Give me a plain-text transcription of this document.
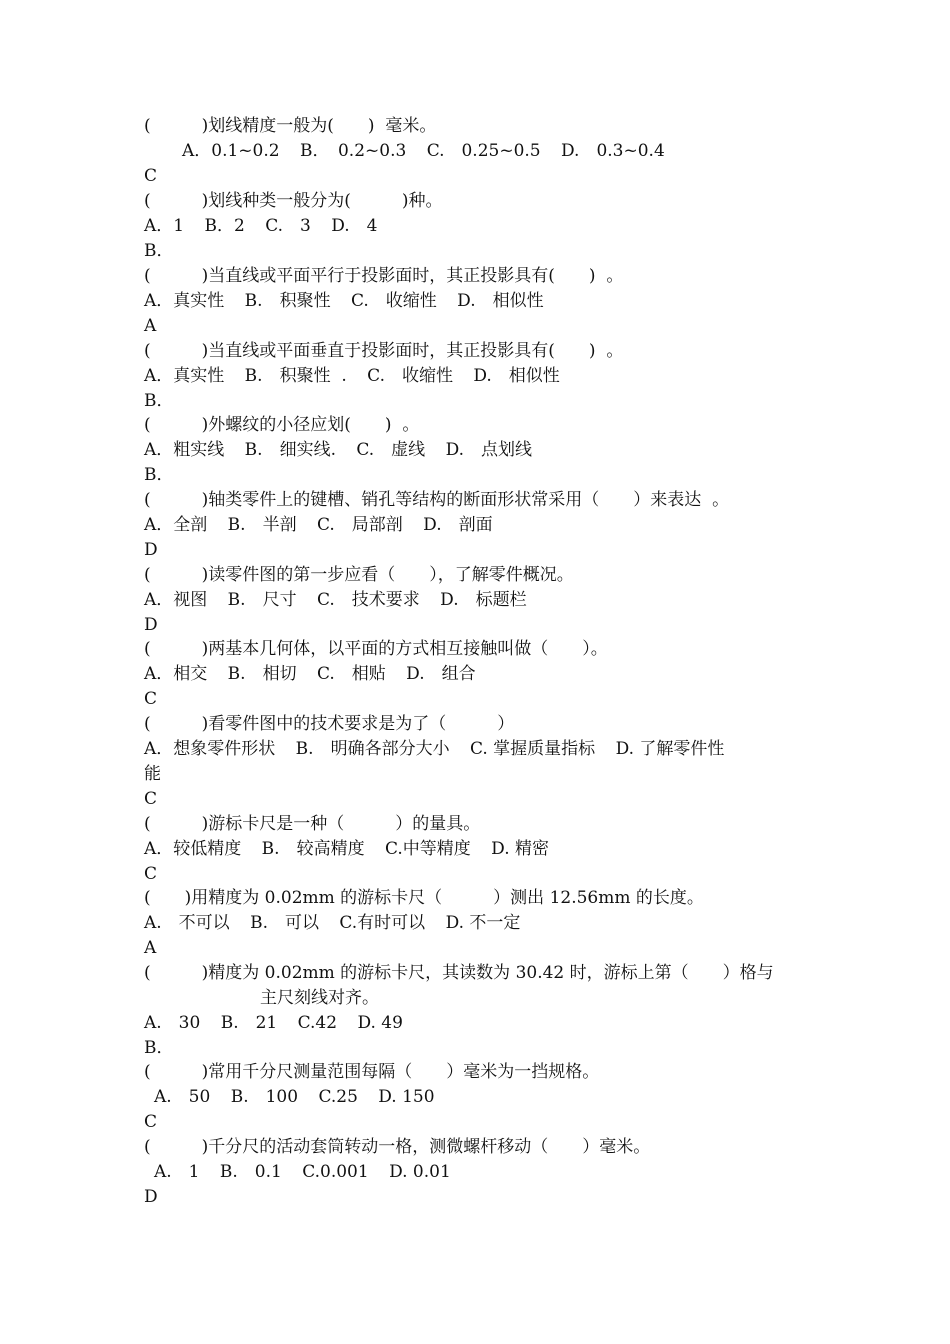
(　　　)划线精度一般为(　　)  毫米。
A．0.1~0.2 B．　0.2~0.3 C.　0.25~0.5 D.　0.3~0.4
C
(　　　)划线种类一般分为(　　　)种。
A．1 B．2 C.　3 D.　4
B．
(　　　)当直线或平面平行于投影面时，其正投影具有(　　)  。
A．真实性 B.　积聚性 C.　收缩性 D.　相似性
A
(　　　)当直线或平面垂直于投影面时，其正投影具有(　　)  。
A．真实性 B.　积聚性  . C.　收缩性 D.　相似性
B．
(　　　)外螺纹的小径应划(　　)  。
A．粗实线 B.　细实线. C.　虚线 D.　点划线
B．
(　　　)轴类零件上的键槽、销孔等结构的断面形状常采用（　　）来表达  。
A．全剖 B.　半剖 C.　局部剖 D.　剖面
D
(　　　)读零件图的第一步应看（　　），了解零件概况。
A．视图 B.　尺寸 C.　技术要求 D.　标题栏
D
(　　　)两基本几何体，以平面的方式相互接触叫做（　　）。
A．相交 B.　相切 C.　相贴 D.　组合
C
(　　　)看零件图中的技术要求是为了（　　　）
A．想象零件形状 B.　明确各部分大小 C. 掌握质量指标 D. 了解零件性
能
C
(　　　)游标卡尺是一种（　　　）的量具。
A．较低精度 B.　较高精度 C.中等精度 D. 精密
C
(　　)用精度为 0.02mm 的游标卡尺（　　　）测出 12.56mm 的长度。
A.　不可以 B.　可以 C.有时可以 D. 不一定
A
(　　　)精度为 0.02mm 的游标卡尺，其读数为 30.42 时，游标上第（　　）格与
主尺刻线对齐。
A.　30 B.　21 C.42 D. 49
B．
(　　　)常用千分尺测量范围每隔（　　）毫米为一挡规格。
A.　50 B.　100 C.25 D. 150
C
(　　　)千分尺的活动套筒转动一格，测微螺杆移动（　　）毫米。
A.　1 B.　0.1 C.0.001 D. 0.01
D
